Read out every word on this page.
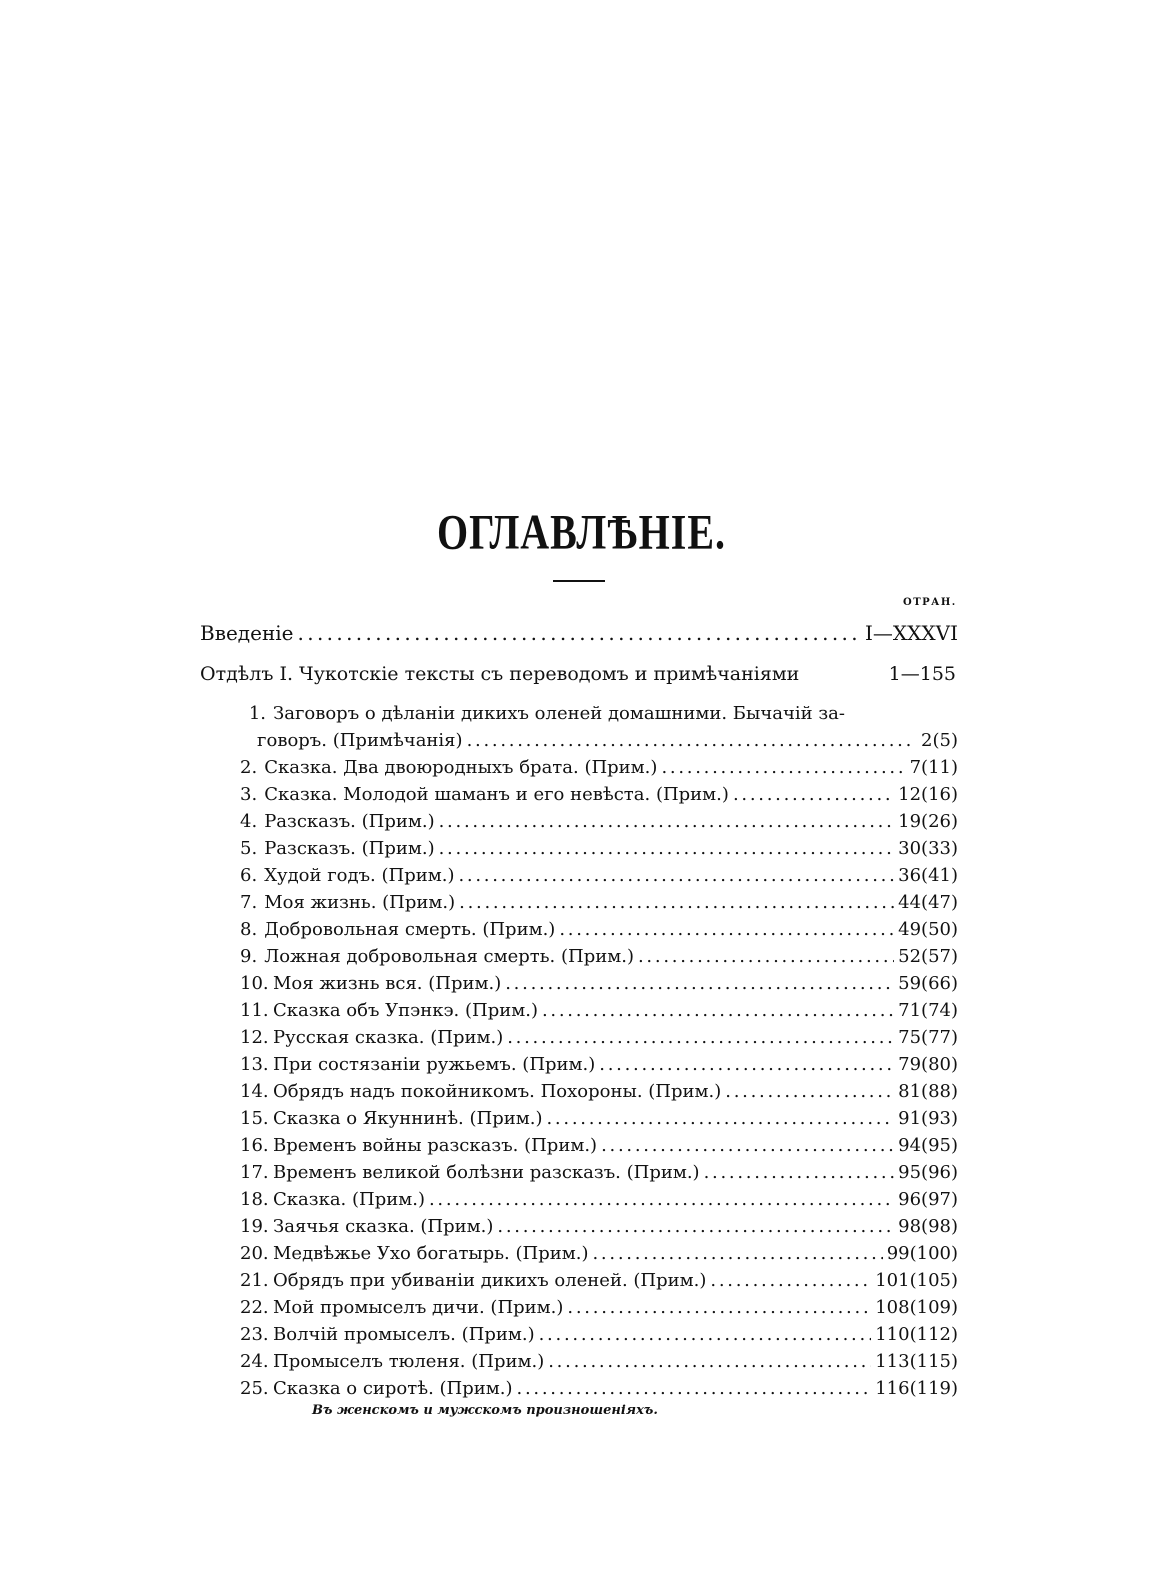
ОГЛАВЛѢНІЕ.
ОТРАН.
Введеніе . . .	I—XXXVI
Отдѣлъ I. Чукотскіе тексты съ переводомъ и примѣчаніями	1—155
1. Заговоръ о дѣланіи дикихъ оленей домашними. Бычачій за-
говоръ. (Примѣчанія) . . .	2 (5)
2. Сказка. Два двоюродныхъ брата. (Прим.) . . .	7 (11)
3. Сказка. Молодой шаманъ и его невѣста. (Прим.) . . .	12 (16)
4. Разсказъ. (Прим.) . . .	19 (26)
5. Разсказъ. (Прим.) . . .	30 (33)
6. Худой годъ. (Прим.) . . .	36 (41)
7. Моя жизнь. (Прим.) . . .	44 (47)
8. Добровольная смерть. (Прим.) . . .	49 (50)
9. Ложная добровольная смерть. (Прим.) . . .	52 (57)
10. Моя жизнь вся. (Прим.) . . .	59 (66)
11. Сказка объ Упэнкэ. (Прим.) . . .	71 (74)
12. Русская сказка. (Прим.) . . .	75 (77)
13. При состязаніи ружьемъ. (Прим.) . . .	79 (80)
14. Обрядъ надъ покойникомъ. Похороны. (Прим.) . . .	81 (88)
15. Сказка о Якуннинѣ. (Прим.) . . .	91 (93)
16. Временъ войны разсказъ. (Прим.) . . .	94 (95)
17. Временъ великой болѣзни разсказъ. (Прим.) . . .	95 (96)
18. Сказка. (Прим.) . . .	96 (97)
19. Заячья сказка. (Прим.) . . .	98 (98)
20. Медвѣжье Ухо богатырь. (Прим.) . . .	99 (100)
21. Обрядъ при убиваніи дикихъ оленей. (Прим.) . . .	101 (105)
22. Мой промыселъ дичи. (Прим.) . . .	108 (109)
23. Волчій промыселъ. (Прим.) . . .	110 (112)
24. Промыселъ тюленя. (Прим.) . . .	113 (115)
25. Сказка о сиротѣ. (Прим.) . . .	116 (119)
Въ женскомъ и мужскомъ произношеніяхъ.
